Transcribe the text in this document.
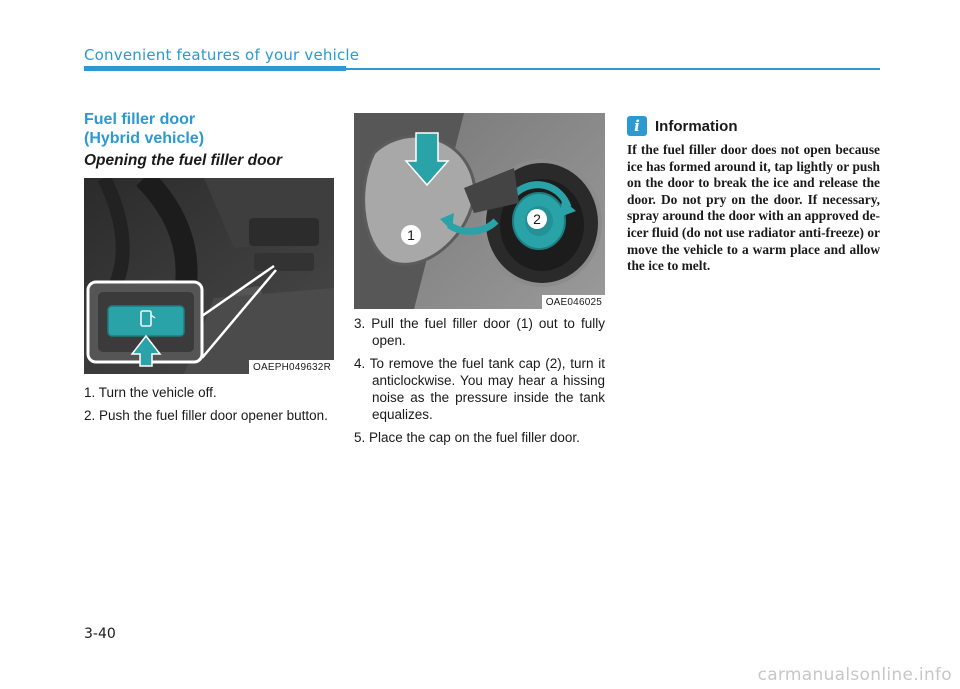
Convenient features of your vehicle
Fuel filler door
(Hybrid vehicle)
Opening the fuel filler door
OAEPH049632R
1
2
OAE046025
1. Turn the vehicle off.
2. Push the fuel filler door opener button.
3. Pull the fuel filler door (1) out to fully open.
4. To remove the fuel tank cap (2), turn it anticlockwise. You may hear a hissing noise as the pressure inside the tank equalizes.
5. Place the cap on the fuel filler door.
i	Information
If the fuel filler door does not open because ice has formed around it, tap lightly or push on the door to break the ice and release the door. Do not pry on the door. If necessary, spray around the door with an approved de-icer fluid (do not use radiator anti-freeze) or move the vehicle to a warm place and allow the ice to melt.
3-40
carmanualsonline.info
